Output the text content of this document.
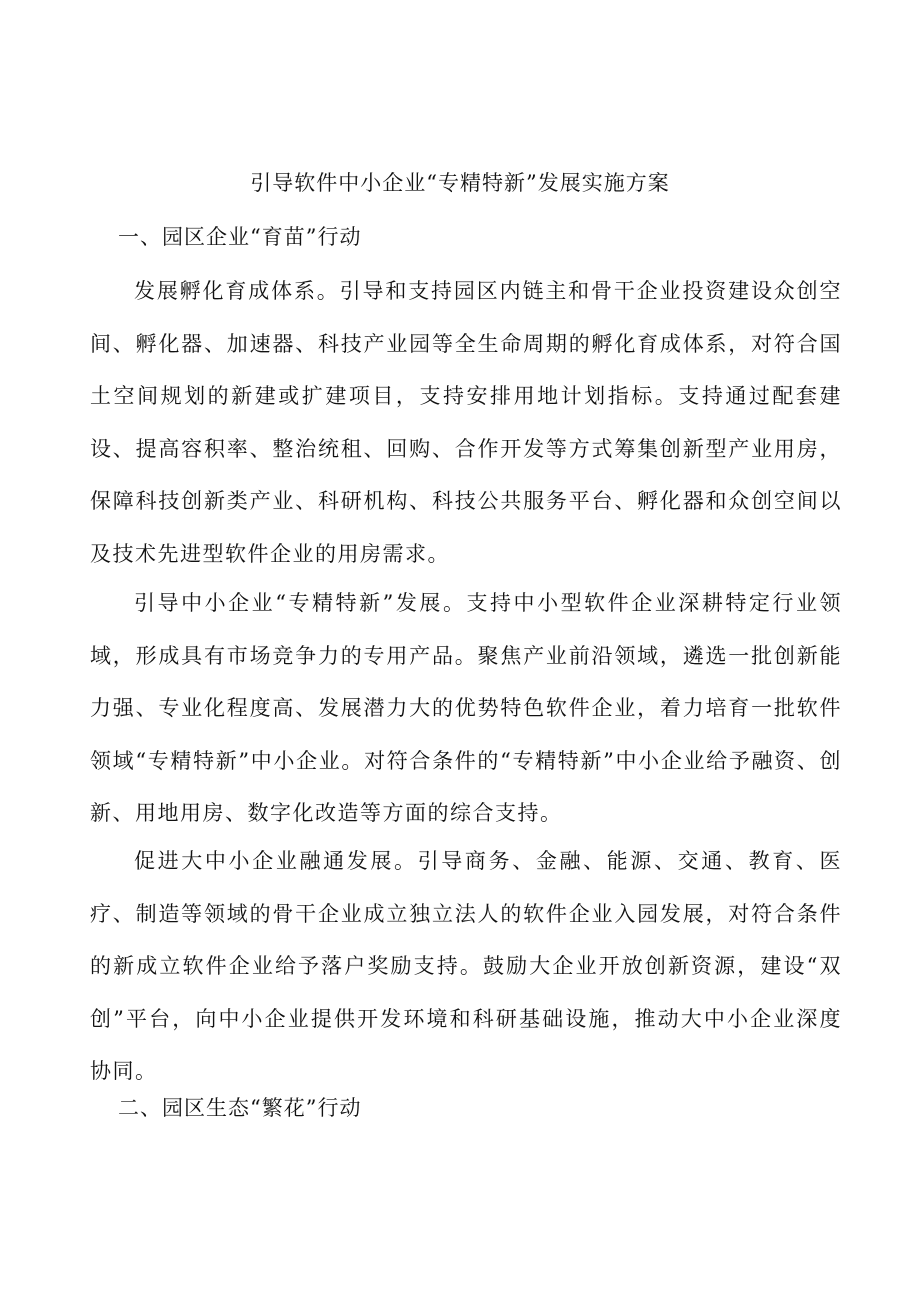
引导软件中小企业“专精特新”发展实施方案
一、园区企业“育苗”行动

发展孵化育成体系。引导和支持园区内链主和骨干企业投资建设众创空间、孵化器、加速器、科技产业园等全生命周期的孵化育成体系，对符合国土空间规划的新建或扩建项目，支持安排用地计划指标。支持通过配套建设、提高容积率、整治统租、回购、合作开发等方式筹集创新型产业用房，保障科技创新类产业、科研机构、科技公共服务平台、孵化器和众创空间以及技术先进型软件企业的用房需求。

引导中小企业“专精特新”发展。支持中小型软件企业深耕特定行业领域，形成具有市场竞争力的专用产品。聚焦产业前沿领域，遴选一批创新能力强、专业化程度高、发展潜力大的优势特色软件企业，着力培育一批软件领域“专精特新”中小企业。对符合条件的“专精特新”中小企业给予融资、创新、用地用房、数字化改造等方面的综合支持。

促进大中小企业融通发展。引导商务、金融、能源、交通、教育、医疗、制造等领域的骨干企业成立独立法人的软件企业入园发展，对符合条件的新成立软件企业给予落户奖励支持。鼓励大企业开放创新资源，建设“双创”平台，向中小企业提供开发环境和科研基础设施，推动大中小企业深度协同。

二、园区生态“繁花”行动
